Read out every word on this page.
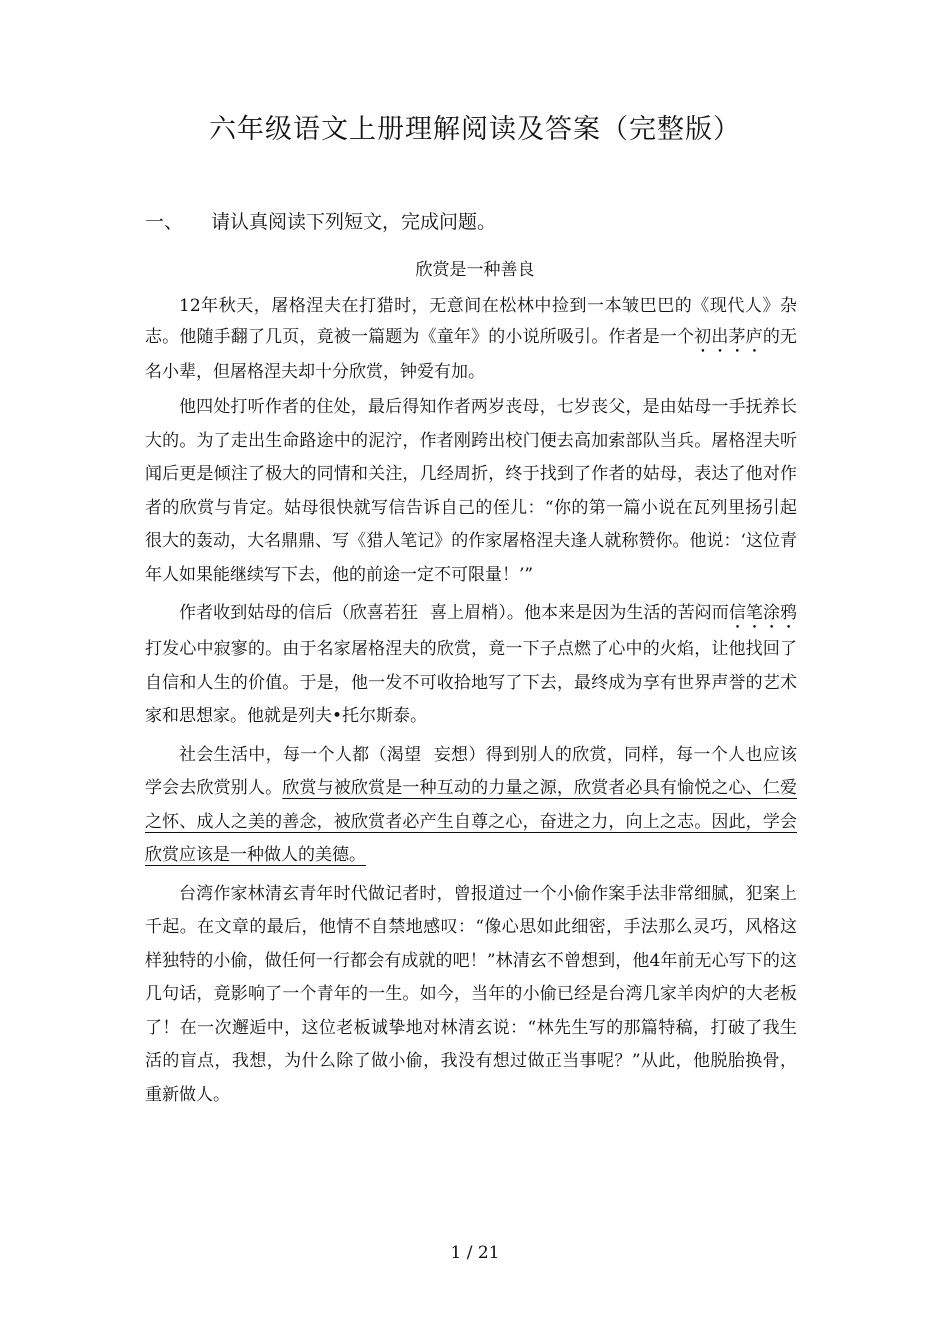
六年级语文上册理解阅读及答案（完整版）
一、 请认真阅读下列短文，完成问题。
欣赏是一种善良

12年秋天，屠格涅夫在打猎时，无意间在松林中捡到一本皱巴巴的《现代人》杂志。他随手翻了几页，竟被一篇题为《童年》的小说所吸引。作者是一个初出茅庐的无名小辈，但屠格涅夫却十分欣赏，钟爱有加。

他四处打听作者的住处，最后得知作者两岁丧母，七岁丧父，是由姑母一手抚养长大的。为了走出生命路途中的泥泞，作者刚跨出校门便去高加索部队当兵。屠格涅夫听闻后更是倾注了极大的同情和关注，几经周折，终于找到了作者的姑母，表达了他对作者的欣赏与肯定。姑母很快就写信告诉自己的侄儿：“你的第一篇小说在瓦列里扬引起很大的轰动，大名鼎鼎、写《猎人笔记》的作家屠格涅夫逢人就称赞你。他说：‘这位青年人如果能继续写下去，他的前途一定不可限量！’”

作者收到姑母的信后（欣喜若狂 喜上眉梢）。他本来是因为生活的苦闷而信笔涂鸦打发心中寂寥的。由于名家屠格涅夫的欣赏，竟一下子点燃了心中的火焰，让他找回了自信和人生的价值。于是，他一发不可收拾地写了下去，最终成为享有世界声誉的艺术家和思想家。他就是列夫•托尔斯泰。

社会生活中，每一个人都（渴望 妄想）得到别人的欣赏，同样，每一个人也应该学会去欣赏别人。欣赏与被欣赏是一种互动的力量之源，欣赏者必具有愉悦之心、仁爱之怀、成人之美的善念，被欣赏者必产生自尊之心，奋进之力，向上之志。因此，学会欣赏应该是一种做人的美德。

台湾作家林清玄青年时代做记者时，曾报道过一个小偷作案手法非常细腻，犯案上千起。在文章的最后，他情不自禁地感叹：“像心思如此细密，手法那么灵巧，风格这样独特的小偷，做任何一行都会有成就的吧！”林清玄不曾想到，他4年前无心写下的这几句话，竟影响了一个青年的一生。如今，当年的小偷已经是台湾几家羊肉炉的大老板了！在一次邂逅中，这位老板诚挚地对林清玄说：“林先生写的那篇特稿，打破了我生活的盲点，我想，为什么除了做小偷，我没有想过做正当事呢？”从此，他脱胎换骨，重新做人。

1 / 21
